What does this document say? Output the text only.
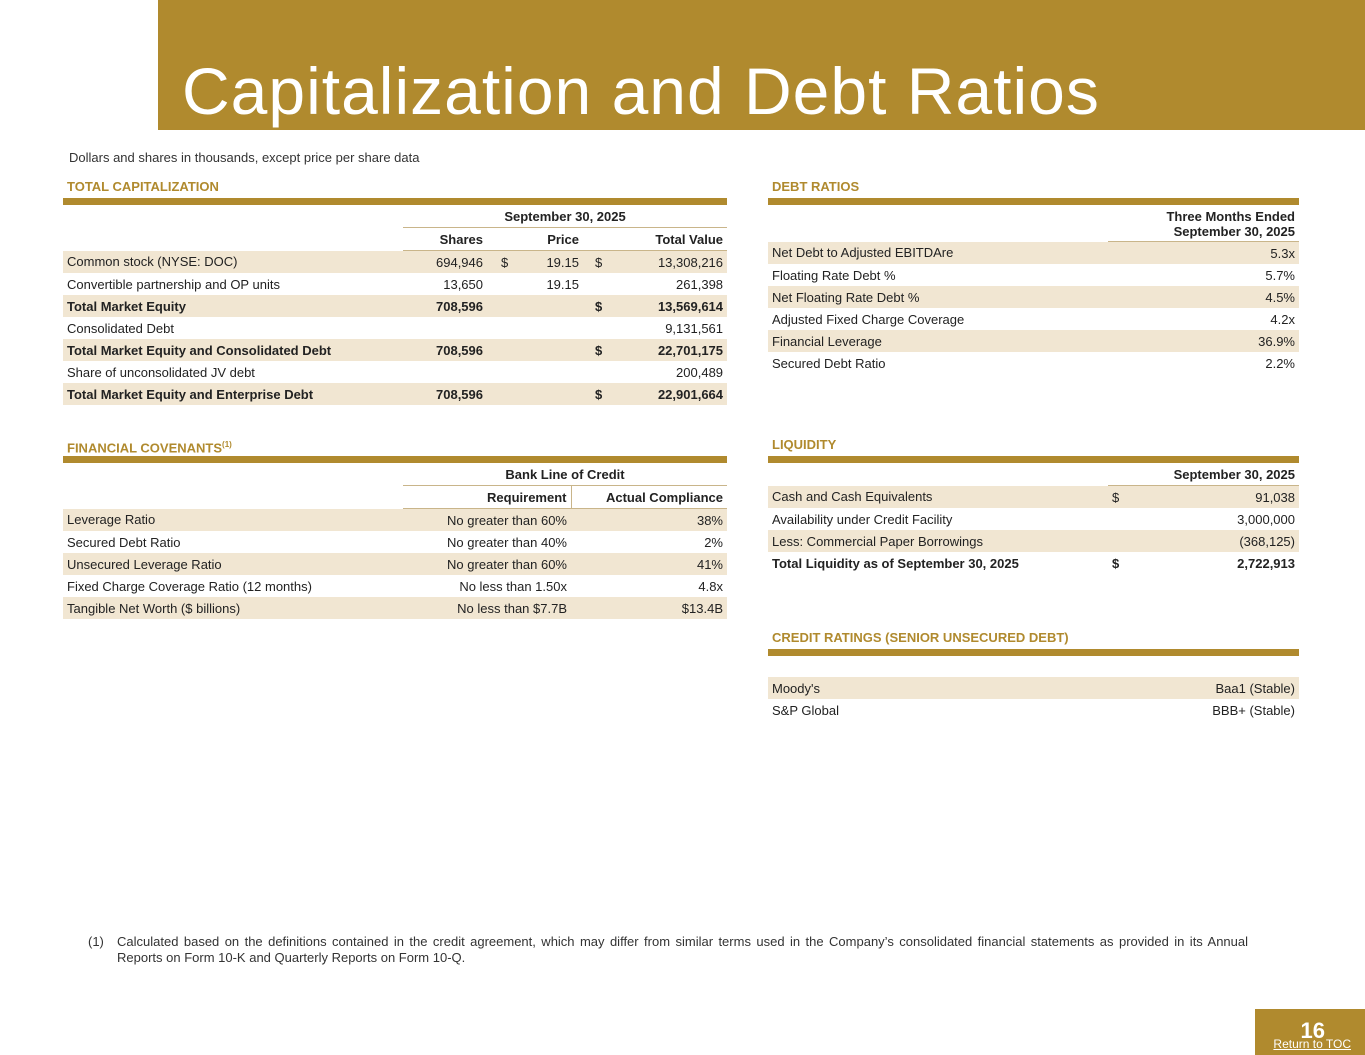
Capitalization and Debt Ratios
Dollars and shares in thousands, except price per share data
TOTAL CAPITALIZATION
	September 30, 2025				
	Shares		Price		Total Value
Common stock (NYSE: DOC)	694,946	$	19.15	$	13,308,216
Convertible partnership and OP units	13,650		19.15		261,398
Total Market Equity	708,596			$	13,569,614
Consolidated Debt					9,131,561
Total Market Equity and Consolidated Debt	708,596			$	22,701,175
Share of unconsolidated JV debt					200,489
Total Market Equity and Enterprise Debt	708,596			$	22,901,664
DEBT RATIOS

	Three Months Ended
September 30, 2025

Net Debt to Adjusted EBITDAre	5.3x
Floating Rate Debt %	5.7%
Net Floating Rate Debt %	4.5%
Adjusted Fixed Charge Coverage	4.2x
Financial Leverage	36.9%
Secured Debt Ratio	2.2%
FINANCIAL COVENANTS$^{(1)}$
	Bank Line of Credit	
	Requirement	Actual Compliance
Leverage Ratio	No greater than 60%	38%
Secured Debt Ratio	No greater than 40%	2%
Unsecured Leverage Ratio	No greater than 60%	41%
Fixed Charge Coverage Ratio (12 months)	No less than 1.50x	4.8x
Tangible Net Worth ($ billions)	No less than $7.7B	$13.4B
LIQUIDITY
	September 30, 2025	
Cash and Cash Equivalents	$	91,038
Availability under Credit Facility		3,000,000
Less: Commercial Paper Borrowings		(368,125)
Total Liquidity as of September 30, 2025	$	2,722,913
CREDIT RATINGS (SENIOR UNSECURED DEBT)
Moody's	Baa1 (Stable)
S&P Global	BBB+ (Stable)
(1) Calculated based on the definitions contained in the credit agreement, which may differ from similar terms used in the Company’s consolidated financial statements as provided in its Annual Reports on Form 10-K and Quarterly Reports on Form 10-Q.
16
Return to TOC
